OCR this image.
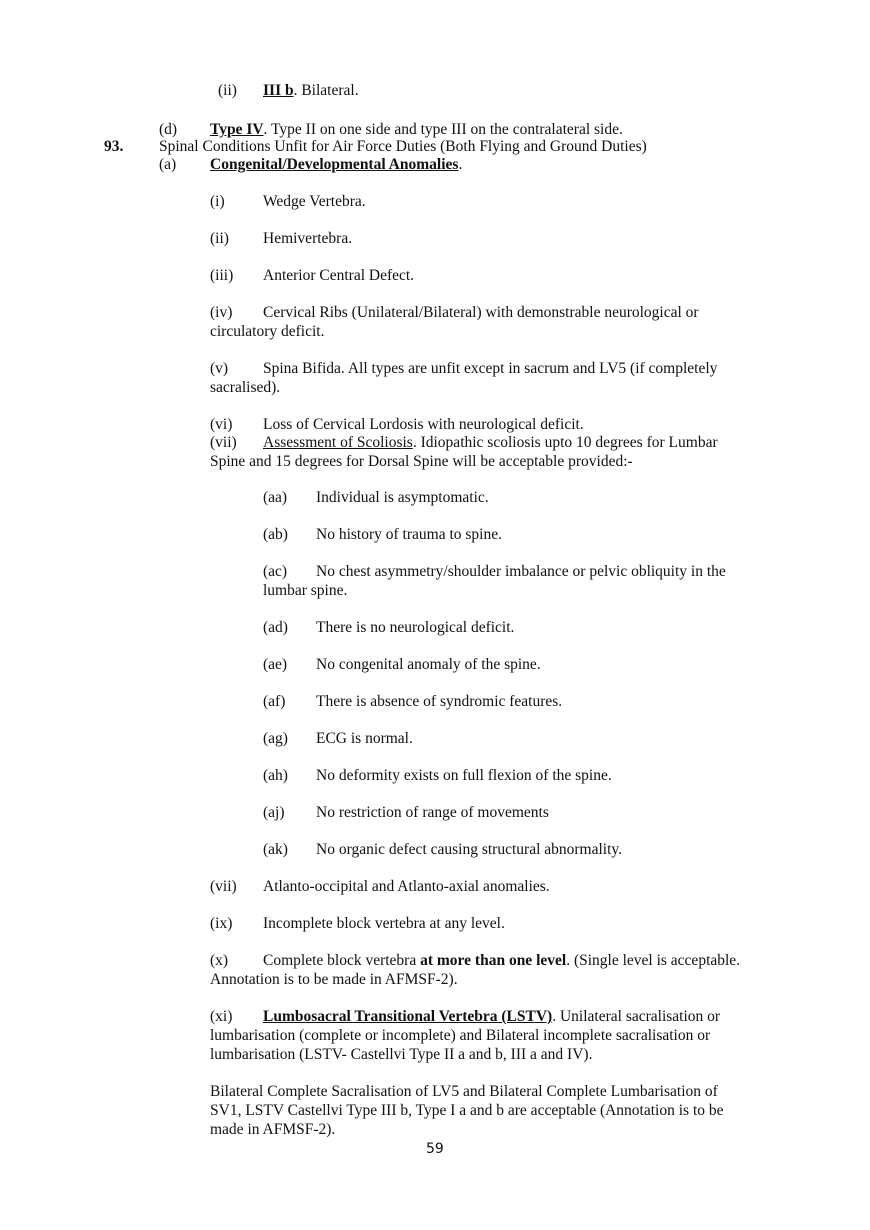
(ii) III b. Bilateral.
(d) Type IV. Type II on one side and type III on the contralateral side.
93. Spinal Conditions Unfit for Air Force Duties (Both Flying and Ground Duties)
(a) Congenital/Developmental Anomalies.
(i) Wedge Vertebra.
(ii) Hemivertebra.
(iii) Anterior Central Defect.
(iv) Cervical Ribs (Unilateral/Bilateral) with demonstrable neurological or
circulatory deficit.
(v) Spina Bifida. All types are unfit except in sacrum and LV5 (if completely
sacralised).
(vi) Loss of Cervical Lordosis with neurological deficit.
(vii) Assessment of Scoliosis. Idiopathic scoliosis upto 10 degrees for Lumbar
Spine and 15 degrees for Dorsal Spine will be acceptable provided:-
(aa) Individual is asymptomatic.
(ab) No history of trauma to spine.
(ac) No chest asymmetry/shoulder imbalance or pelvic obliquity in the
lumbar spine.
(ad) There is no neurological deficit.
(ae) No congenital anomaly of the spine.
(af) There is absence of syndromic features.
(ag) ECG is normal.
(ah) No deformity exists on full flexion of the spine.
(aj) No restriction of range of movements
(ak) No organic defect causing structural abnormality.
(vii) Atlanto-occipital and Atlanto-axial anomalies.
(ix) Incomplete block vertebra at any level.
(x) Complete block vertebra at more than one level. (Single level is acceptable.
Annotation is to be made in AFMSF-2).
(xi) Lumbosacral Transitional Vertebra (LSTV). Unilateral sacralisation or
lumbarisation (complete or incomplete) and Bilateral incomplete sacralisation or
lumbarisation (LSTV- Castellvi Type II a and b, III a and IV).
Bilateral Complete Sacralisation of LV5 and Bilateral Complete Lumbarisation of
SV1, LSTV Castellvi Type III b, Type I a and b are acceptable (Annotation is to be
made in AFMSF-2).
59
